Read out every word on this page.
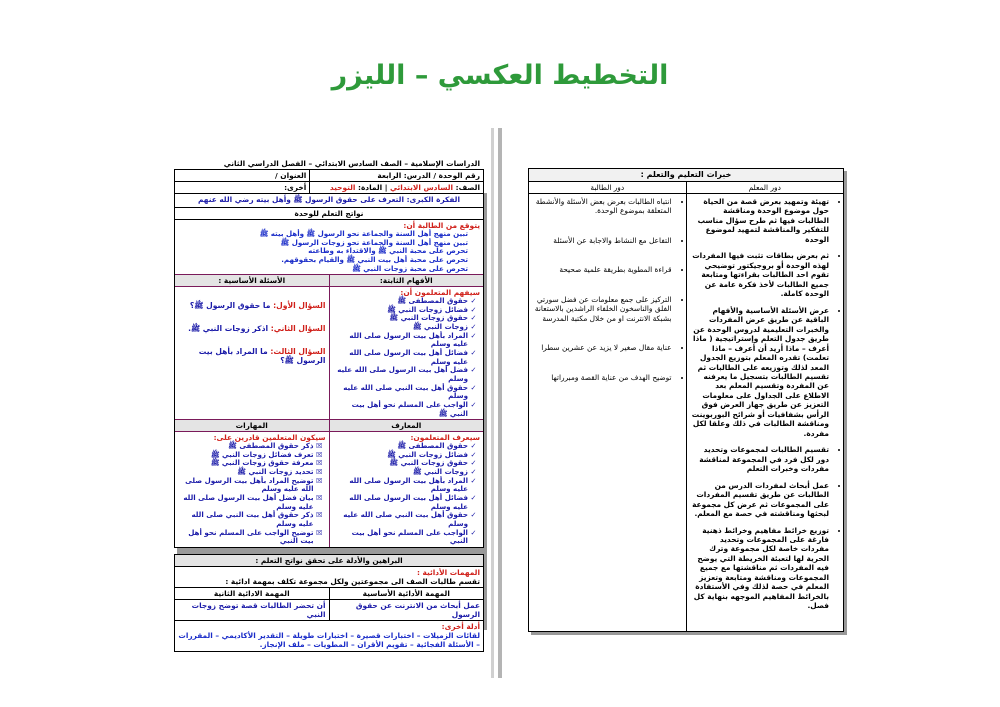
التخطيط العكسي – الليزر
خبرات التعليم والتعلم :
دور المعلم
دور الطالبة
• تهيئة وتمهيد بعرض قصة من الحياة حول موضوع الوحدة ومناقشة الطالبات فيها ثم طرح سؤال مناسب للتفكير والمناقشة لتمهيد لموضوع الوحدة
• ثم بعرض بطاقات تثبت فيها المفردات لهذه الوحدة أو بروجيكتور توضيحي تقوم احد الطالبات بقراءتها ومتابعة جميع الطالبات لأخذ فكرة عامة عن الوحدة كاملة.
• عرض الأسئلة الأساسية والأفهام الباقية عن طريق عرض المفردات والخبرات التعليمية لدروس الوحدة عن طريق جدول التعلم وإستراتيجية ( ماذا أعرف – ماذا أريد أن أعرف – ماذا تعلمت) تقدره المعلم بتوزيع الجدول المعد لذلك وتوزيعه على الطالبات ثم تقسيم الطالبات بتسجيل ما يعرفنه عن المفردة وتقسيم المعلم بعد الاطلاع على الجداول على معلومات التعزيز عن طريق جهاز العرض فوق الرأس بشفافيات أو شرائح البوربوينت ومناقشة الطالبات في ذلك وعلقا لكل مفردة.
• تقسيم الطالبات لمجموعات وتحديد دور لكل فرد في المجموعة لمناقشة مفردات وخبرات التعلم
• عمل أبحاث لمفردات الدرس من الطالبات عن طريق تقسيم المفردات على المجموعات ثم عرض كل مجموعة لبحثها ومناقشته في حصة مع المعلم.
• توزيع خرائط مفاهيم وخرائط ذهنية فارغة على المجموعات وتحديد مفردات خاصة لكل مجموعة وترك الحرية لها لتعبئة الخريطة التي يوضح فيه المفردات ثم مناقشتها مع جميع المجموعات ومناقشة ومتابعة وتعزيز المعلم في حصة لذلك وفي الأستفادة بالخرائط المفاهيم الموجهه بنهاية كل فصل.
• انتباه الطالبات بعرض بعض الأسئلة والأنشطة المتعلقة بموضوع الوحدة.
• التفاعل مع النشاط والاجابة عن الأسئلة
• قراءة المطوية بطريقة علمية صحيحة
• التركيز على جمع معلومات عن فضل سورتي الفلق والناسخون الخلفاء الراشدين بالاستعانة بشبكة الانترنت او من خلال مكتبة المدرسة
• عناية مقال صغير لا يزيد عن عشرين سطرا
• توضيح الهدف من عناية القصة ومبرراتها
الدراسات الإسلامية – الصف السادس الابتدائي – الفصل الدراسي الثاني
رقم الوحدة / الدرس: الرابعة
العنوان /
الصف: السادس الابتدائي | المادة: التوحيد
أخرى:
الفكرة الكبرى: التعرف على حقوق الرسول ﷺ وأهل بيته رضي الله عنهم
نواتج التعلم للوحدة
يتوقع من الطالبة أن:
تبين منهج أهل السنة والجماعة نحو الرسول ﷺ وأهل بيته ﷺ
تبين منهج أهل السنة والجماعة نحو زوجات الرسول ﷺ
تحرص على محبة النبي ﷺ والاقتداء به وطاعته
تحرص على محبة أهل بيت النبي ﷺ والقيام بحقوقهم.
تحرص على محبة زوجات النبي ﷺ
الأفهام الثابتة:
الأسئلة الأساسية :
سيفهم المتعلمون أن:
✓ حقوق المصطفى ﷺ
✓ فضائل زوجات النبي ﷺ
✓ حقوق زوجات النبي ﷺ
✓ زوجات النبي ﷺ
✓ المراد بأهل بيت الرسول صلى الله عليه وسلم
✓ فضائل أهل بيت الرسول صلى الله عليه وسلم
✓ فضل أهل بيت الرسول صلى الله عليه وسلم
✓ حقوق أهل بيت النبي صلى الله عليه وسلم
✓ الواجب على المسلم نحو أهل بيت النبي ﷺ
السؤال الأول: ما حقوق الرسول ﷺ؟
السؤال الثاني: اذكر زوجات النبي ﷺ.
السؤال الثالث: ما المراد بأهل بيت الرسول ﷺ؟
المعارف
المهارات
سيعرف المتعلمون:
✓ حقوق المصطفى ﷺ
✓ فضائل زوجات النبي ﷺ
✓ حقوق زوجات النبي ﷺ
✓ زوجات النبي ﷺ
✓ المراد بأهل بيت الرسول صلى الله عليه وسلم
✓ فضائل أهل بيت الرسول صلى الله عليه وسلم
✓ حقوق أهل بيت النبي صلى الله عليه وسلم
✓ الواجب على المسلم نحو أهل بيت النبي
سيكون المتعلمين قادرين على:
☒ ذكر حقوق المصطفى ﷺ
☒ تعرف فضائل زوجات النبي ﷺ
☒ معرفة حقوق زوجات النبي ﷺ
☒ تحديد زوجات النبي ﷺ
☒ توضيح المراد بأهل بيت الرسول صلى الله عليه وسلم
☒ بيان فضل أهل بيت الرسول صلى الله عليه وسلم
☒ ذكر حقوق أهل بيت النبي صلى الله عليه وسلم
☒ توضيح الواجب على المسلم نحو أهل بيت النبي
البراهين والأدلة على تحقق نواتج التعلم :
المهمات الأدائية :
تقسم طالبات الصف الى مجموعتين ولكل مجموعة تكلف بمهمة ادائية :
المهمة الأدائية الأساسية
المهمة الادائية الثانية
عمل أبحاث من الانترنت عن حقوق الرسول
أن تحضر الطالبات قصة توضح زوجات النبي
أدلة أخرى:
لقائات الزميلات – اختبارات قصيرة – اختبارات طويلة – التقدير الأكاديمي – المقررات – الأسئلة الفجائية – تقويم الأقران – المطويات – ملف الإنجاز.
